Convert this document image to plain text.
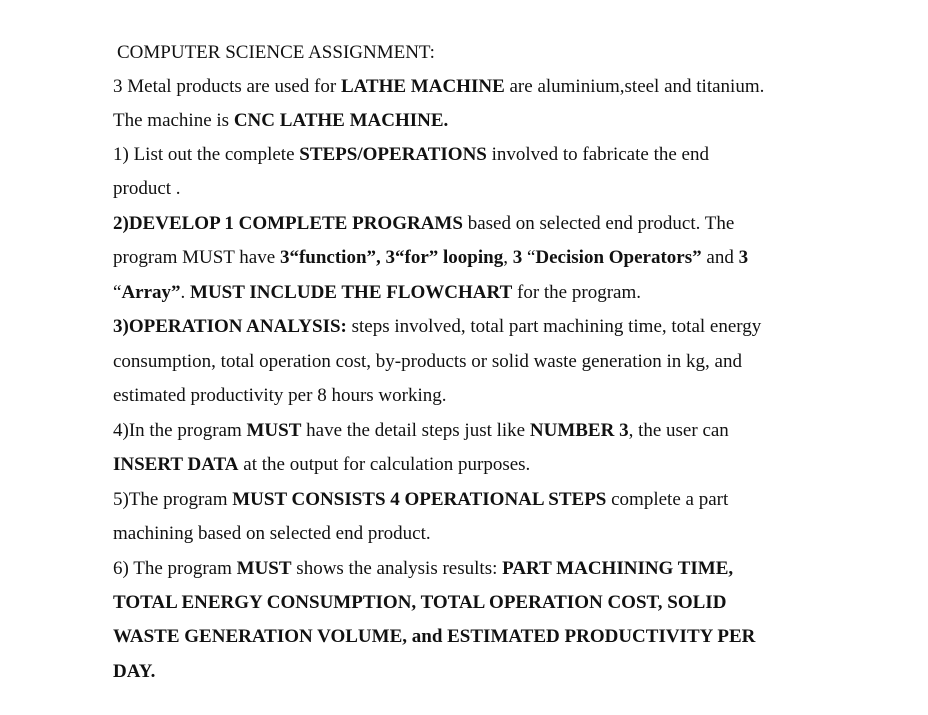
COMPUTER SCIENCE ASSIGNMENT:
3 Metal products are used for LATHE MACHINE are aluminium,steel and titanium.
The machine is CNC LATHE MACHINE.
1) List out the complete STEPS/OPERATIONS involved to fabricate the end
product .
2)DEVELOP 1 COMPLETE PROGRAMS based on selected end product. The
program MUST have 3“function”, 3“for” looping, 3 “Decision Operators” and 3
“Array”. MUST INCLUDE THE FLOWCHART for the program.
3)OPERATION ANALYSIS: steps involved, total part machining time, total energy
consumption, total operation cost, by-products or solid waste generation in kg, and
estimated productivity per 8 hours working.
4)In the program MUST have the detail steps just like NUMBER 3, the user can
INSERT DATA at the output for calculation purposes.
5)The program MUST CONSISTS 4 OPERATIONAL STEPS complete a part
machining based on selected end product.
6) The program MUST shows the analysis results: PART MACHINING TIME,
TOTAL ENERGY CONSUMPTION, TOTAL OPERATION COST, SOLID
WASTE GENERATION VOLUME, and ESTIMATED PRODUCTIVITY PER
DAY.
